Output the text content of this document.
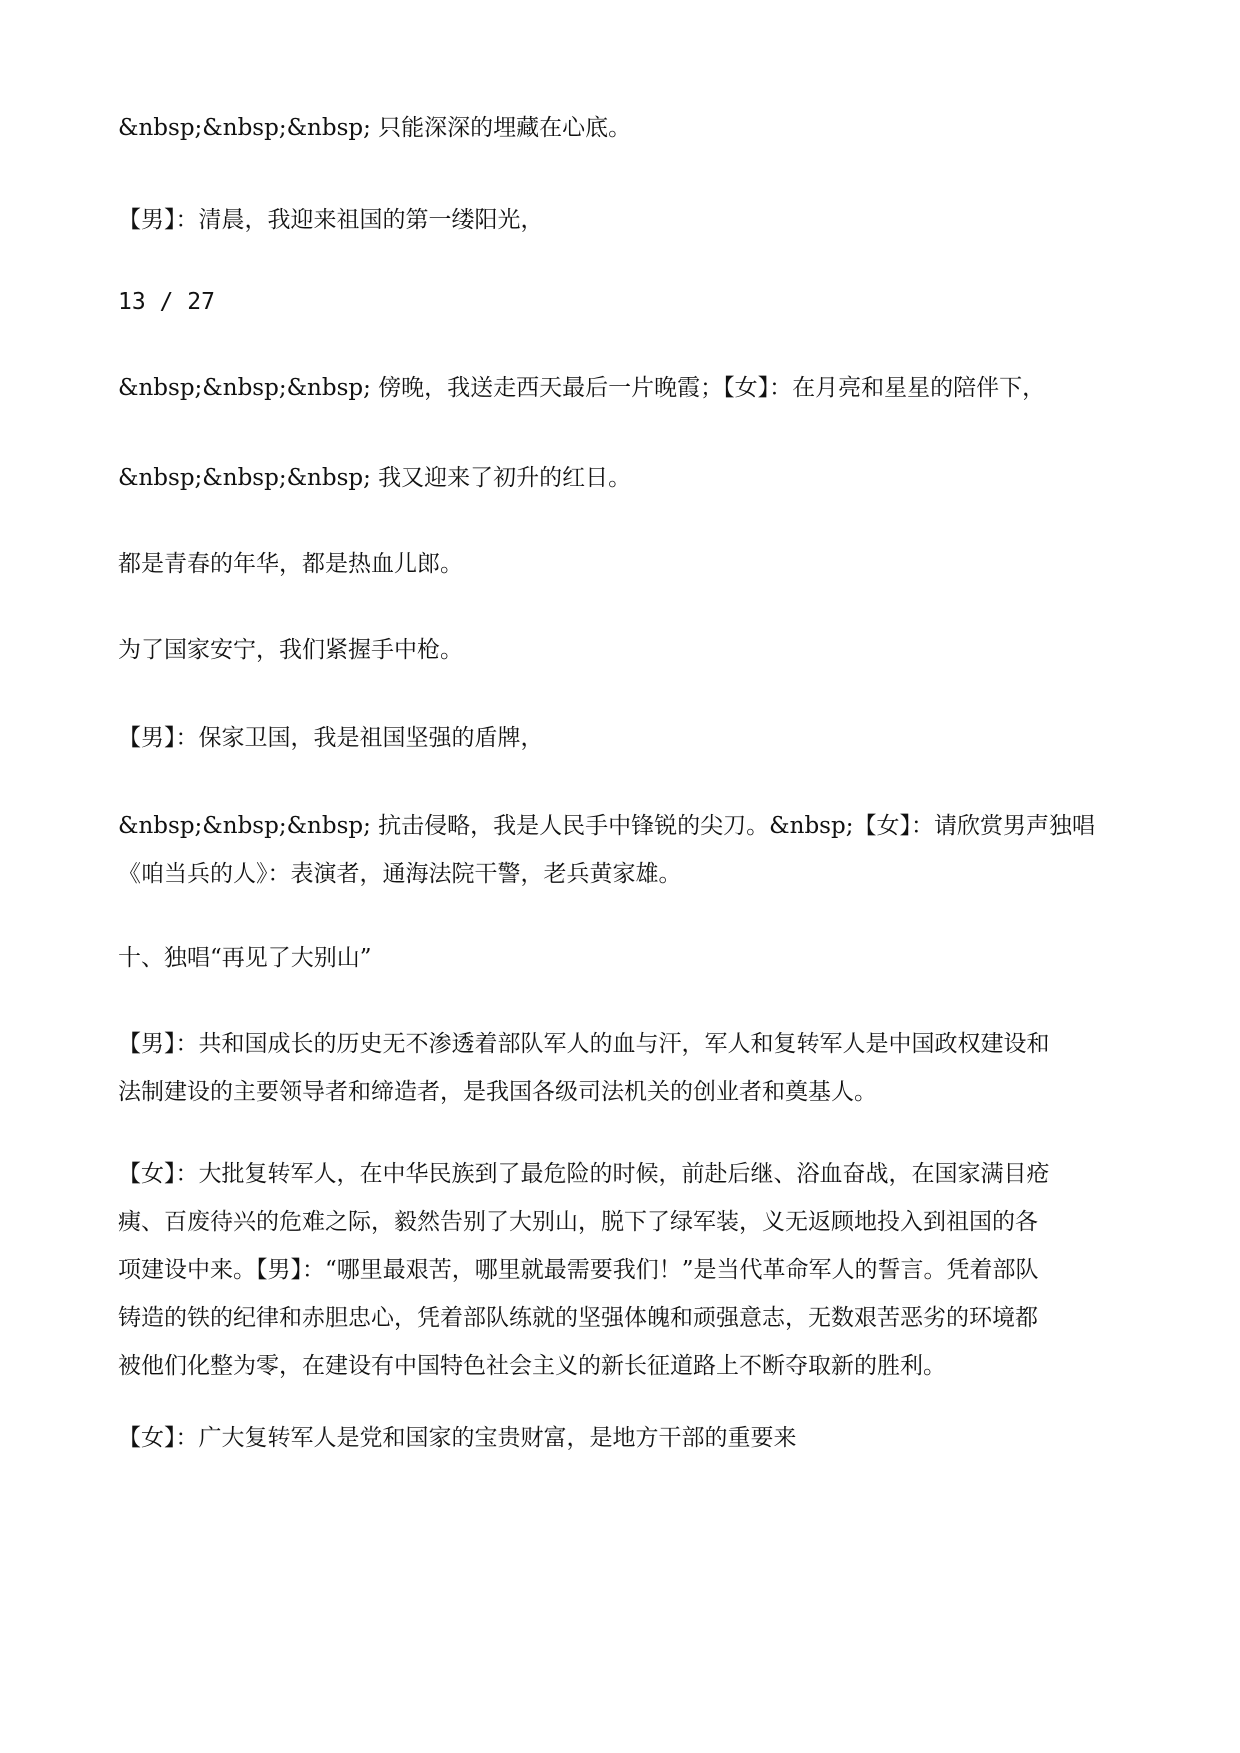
&nbsp;&nbsp;&nbsp; 只能深深的埋藏在心底。
【男】：清晨，我迎来祖国的第一缕阳光，
13 / 27
&nbsp;&nbsp;&nbsp; 傍晚，我送走西天最后一片晚霞；【女】：在月亮和星星的陪伴下，
&nbsp;&nbsp;&nbsp; 我又迎来了初升的红日。
都是青春的年华，都是热血儿郎。
为了国家安宁，我们紧握手中枪。
【男】：保家卫国，我是祖国坚强的盾牌，
&nbsp;&nbsp;&nbsp; 抗击侵略，我是人民手中锋锐的尖刀。&nbsp;【女】：请欣赏男声独唱
《咱当兵的人》：表演者，通海法院干警，老兵黄家雄。
十、独唱“再见了大别山”
【男】：共和国成长的历史无不渗透着部队军人的血与汗，军人和复转军人是中国政权建设和
法制建设的主要领导者和缔造者，是我国各级司法机关的创业者和奠基人。
【女】：大批复转军人，在中华民族到了最危险的时候，前赴后继、浴血奋战，在国家满目疮
痍、百废待兴的危难之际，毅然告别了大别山，脱下了绿军装，义无返顾地投入到祖国的各
项建设中来。【男】：“哪里最艰苦，哪里就最需要我们！”是当代革命军人的誓言。凭着部队
铸造的铁的纪律和赤胆忠心，凭着部队练就的坚强体魄和顽强意志，无数艰苦恶劣的环境都
被他们化整为零，在建设有中国特色社会主义的新长征道路上不断夺取新的胜利。
【女】：广大复转军人是党和国家的宝贵财富，是地方干部的重要来
